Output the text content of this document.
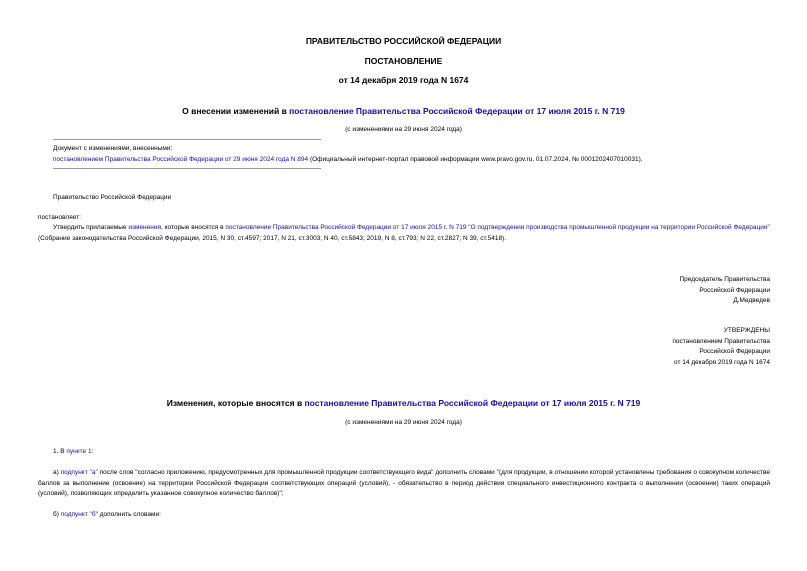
ПРАВИТЕЛЬСТВО РОССИЙСКОЙ ФЕДЕРАЦИИ
ПОСТАНОВЛЕНИЕ
от 14 декабря 2019 года N 1674
О внесении изменений в постановление Правительства Российской Федерации от 17 июля 2015 г. N 719
(с изменениями на 29 июня 2024 года)
Документ с изменениями, внесенными:
постановлением Правительства Российской Федерации от 29 июня 2024 года N 894 (Официальный интернет-портал правовой информации www.pravo.gov.ru, 01.07.2024, № 0001202407010031).
Правительство Российской Федерации
постановляет:
Утвердить прилагаемые изменения, которые вносятся в постановление Правительства Российской Федерации от 17 июля 2015 г. N 719 "О подтверждении производства промышленной продукции на территории Российской Федерации" (Собрание законодательства Российской Федерации, 2015, N 30, ст.4597; 2017, N 21, ст.3003; N 40, ст.5843; 2019, N 8, ст.793; N 22, ст.2827; N 39, ст.5418).
Председатель Правительства
Российской Федерации
Д.Медведев
УТВЕРЖДЕНЫ
постановлением Правительства
Российской Федерации
от 14 декабря 2019 года N 1674
Изменения, которые вносятся в постановление Правительства Российской Федерации от 17 июля 2015 г. N 719
(с изменениями на 29 июня 2024 года)
1. В пункте 1:
а) подпункт "а" после слов "согласно приложению, предусмотренных для промышленной продукции соответствующего вида" дополнить словами "(для продукции, в отношении которой установлены требования о совокупном количестве баллов за выполнение (освоение) на территории Российской Федерации соответствующих операций (условий), - обязательство в период действия специального инвестиционного контракта о выполнении (освоении) таких операций (условий), позволяющих определить указанное совокупное количество баллов)";
б) подпункт "б" дополнить словами:
